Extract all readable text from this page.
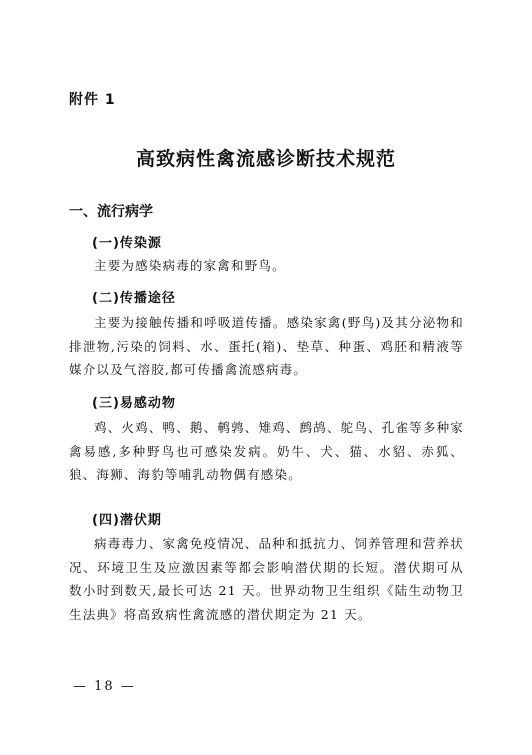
附件 1
高致病性禽流感诊断技术规范
一、流行病学
(一)传染源
主要为感染病毒的家禽和野鸟。
(二)传播途径
主要为接触传播和呼吸道传播。感染家禽(野鸟)及其分泌物和排泄物,污染的饲料、水、蛋托(箱)、垫草、种蛋、鸡胚和精液等媒介以及气溶胶,都可传播禽流感病毒。
(三)易感动物
鸡、火鸡、鸭、鹅、鹌鹑、雉鸡、鹧鸪、鸵鸟、孔雀等多种家禽易感,多种野鸟也可感染发病。奶牛、犬、猫、水貂、赤狐、狼、海狮、海豹等哺乳动物偶有感染。
(四)潜伏期
病毒毒力、家禽免疫情况、品种和抵抗力、饲养管理和营养状况、环境卫生及应激因素等都会影响潜伏期的长短。潜伏期可从数小时到数天,最长可达 21 天。世界动物卫生组织《陆生动物卫生法典》将高致病性禽流感的潜伏期定为 21 天。
— 18 —
